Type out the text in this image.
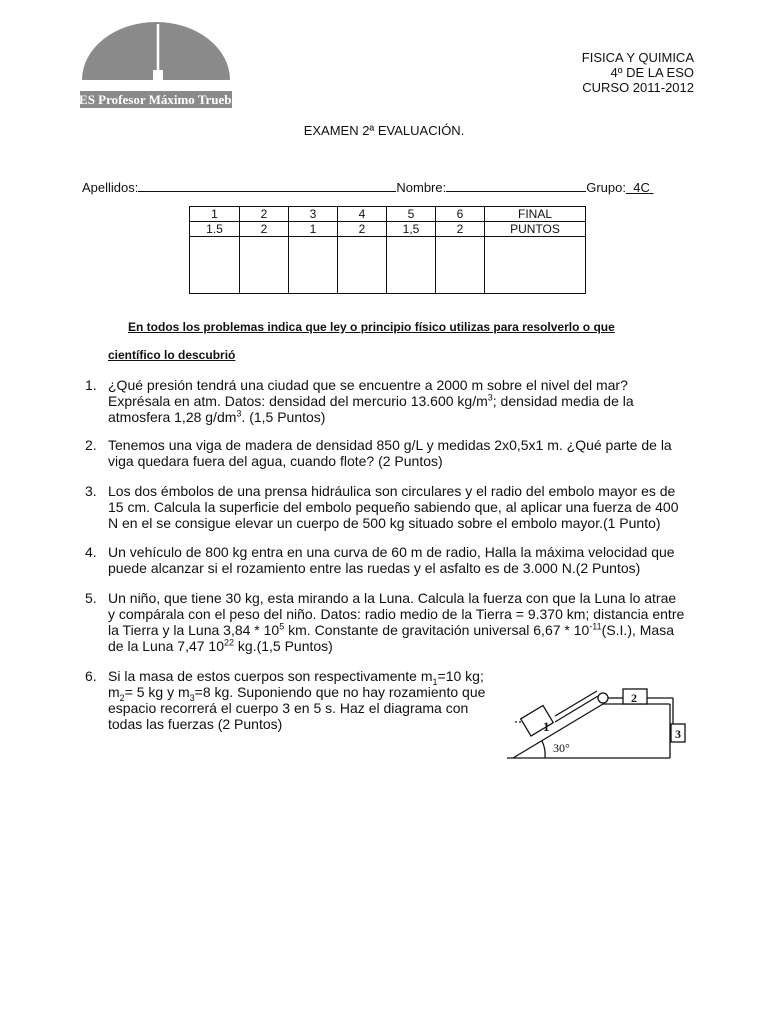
IES Profesor Máximo Trueba
FISICA Y QUIMICA
4º DE LA ESO
CURSO 2011-2012
EXAMEN 2ª EVALUACIÓN.
Apellidos:	Nombre:	Grupo: 4C
1	2	3	4	5	6	FINAL
1.5	2	1	2	1,5	2	PUNTOS

En todos los problemas indica que ley o principio físico utilizas para resolverlo o que
científico lo descubrió
1. ¿Qué presión tendrá una ciudad que se encuentre a 2000 m sobre el nivel del mar?
Exprésala en atm. Datos: densidad del mercurio 13.600 $kg/m^3$; densidad media de la
atmosfera 1,28 $g/dm^3$. (1,5 Puntos)
2. Tenemos una viga de madera de densidad 850 g/L y medidas 2x0,5x1 m. ¿Qué parte de la
viga quedara fuera del agua, cuando flote? (2 Puntos)
3. Los dos émbolos de una prensa hidráulica son circulares y el radio del embolo mayor es de
15 cm. Calcula la superficie del embolo pequeño sabiendo que, al aplicar una fuerza de 400
N en el se consigue elevar un cuerpo de 500 kg situado sobre el embolo mayor.(1 Punto)
4. Un vehículo de 800 kg entra en una curva de 60 m de radio, Halla la máxima velocidad que
puede alcanzar si el rozamiento entre las ruedas y el asfalto es de 3.000 N.(2 Puntos)
5. Un niño, que tiene 30 kg, esta mirando a la Luna. Calcula la fuerza con que la Luna lo atrae
y compárala con el peso del niño. Datos: radio medio de la Tierra = 9.370 km; distancia entre
la Tierra y la Luna $3,84 * 10^5$ km. Constante de gravitación universal $6,67 * 10^{-11}(S.I.)$, Masa
de la Luna 7,47 $10^{22}$ kg.(1,5 Puntos)
6. Si la masa de estos cuerpos son respectivamente $m_1=10$ kg;
$m_2= 5$ kg y $m_3=8$ kg. Suponiendo que no hay rozamiento que
espacio recorrerá el cuerpo 3 en 5 s. Haz el diagrama con
todas las fuerzas (2 Puntos)	1
2
3
30°
